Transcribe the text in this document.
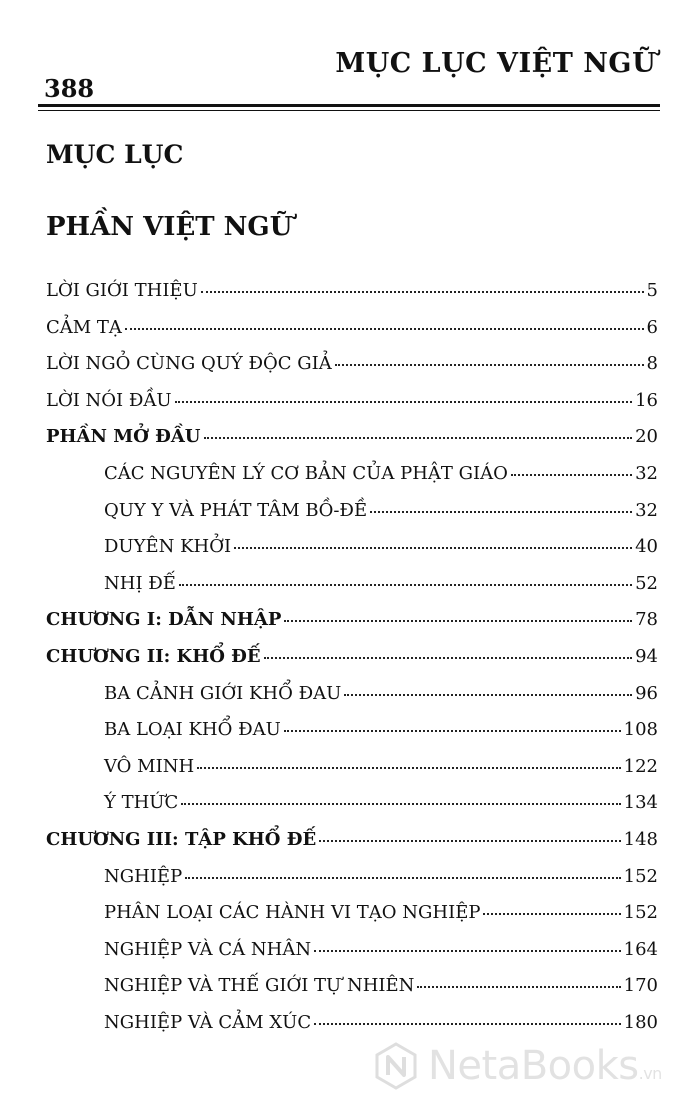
MỤC LỤC VIỆT NGỮ
388
MỤC LỤC
PHẦN VIỆT NGỮ
LỜI GIỚI THIỆU	5
CẢM TẠ	6
LỜI NGỎ CÙNG QUÝ ĐỘC GIẢ	8
LỜI NÓI ĐẦU	16
PHẦN MỞ ĐẦU	20
CÁC NGUYÊN LÝ CƠ BẢN CỦA PHẬT GIÁO	32
QUY Y VÀ PHÁT TÂM BỒ-ĐỀ	32
DUYÊN KHỞI	40
NHỊ ĐẾ	52
CHƯƠNG I: DẪN NHẬP	78
CHƯƠNG II: KHỔ ĐẾ	94
BA CẢNH GIỚI KHỔ ĐAU	96
BA LOẠI KHỔ ĐAU	108
VÔ MINH	122
Ý THỨC	134
CHƯƠNG III: TẬP KHỔ ĐẾ	148
NGHIỆP	152
PHÂN LOẠI CÁC HÀNH VI TẠO NGHIỆP	152
NGHIỆP VÀ CÁ NHÂN	164
NGHIỆP VÀ THẾ GIỚI TỰ NHIÊN	170
NGHIỆP VÀ CẢM XÚC	180
NetaBooks.vn
